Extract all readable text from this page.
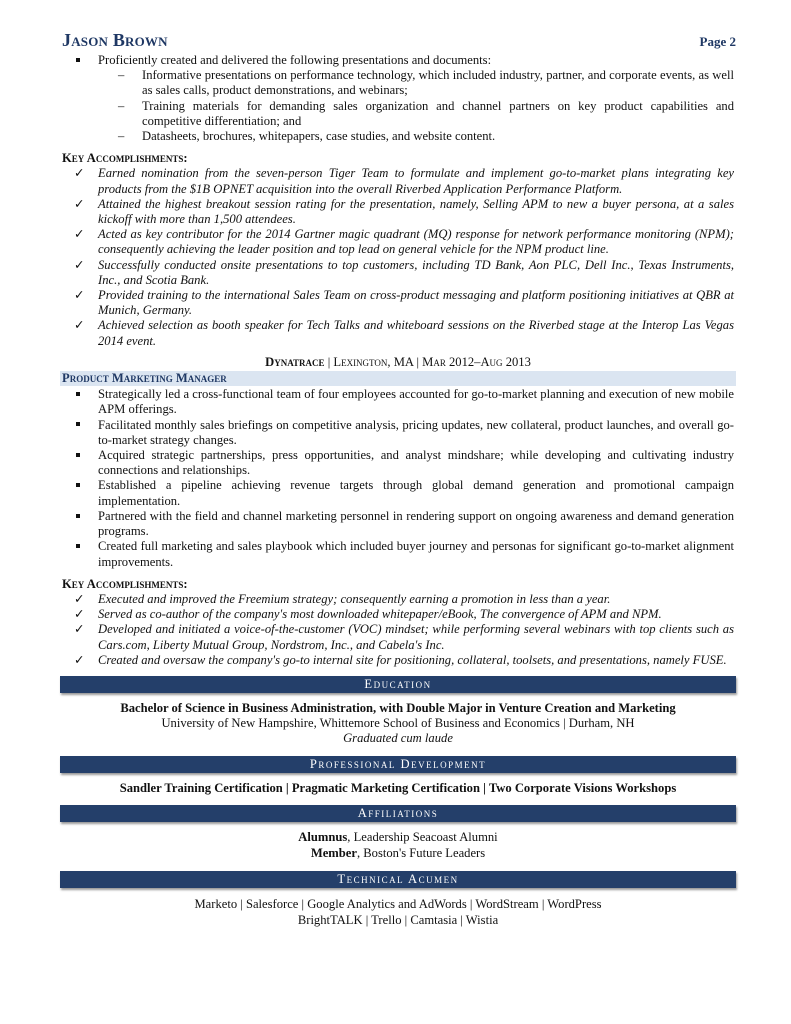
Jason Brown	Page 2
Proficiently created and delivered the following presentations and documents:
– Informative presentations on performance technology, which included industry, partner, and corporate events, as well as sales calls, product demonstrations, and webinars;
– Training materials for demanding sales organization and channel partners on key product capabilities and competitive differentiation; and
– Datasheets, brochures, whitepapers, case studies, and website content.
Key Accomplishments:
✓ Earned nomination from the seven-person Tiger Team to formulate and implement go-to-market plans integrating key products from the $1B OPNET acquisition into the overall Riverbed Application Performance Platform.
✓ Attained the highest breakout session rating for the presentation, namely, Selling APM to new a buyer persona, at a sales kickoff with more than 1,500 attendees.
✓ Acted as key contributor for the 2014 Gartner magic quadrant (MQ) response for network performance monitoring (NPM); consequently achieving the leader position and top lead on general vehicle for the NPM product line.
✓ Successfully conducted onsite presentations to top customers, including TD Bank, Aon PLC, Dell Inc., Texas Instruments, Inc., and Scotia Bank.
✓ Provided training to the international Sales Team on cross-product messaging and platform positioning initiatives at QBR at Munich, Germany.
✓ Achieved selection as booth speaker for Tech Talks and whiteboard sessions on the Riverbed stage at the Interop Las Vegas 2014 event.
Dynatrace | Lexington, MA | Mar 2012–Aug 2013
Product Marketing Manager
Strategically led a cross-functional team of four employees accounted for go-to-market planning and execution of new mobile APM offerings.
Facilitated monthly sales briefings on competitive analysis, pricing updates, new collateral, product launches, and overall go-to-market strategy changes.
Acquired strategic partnerships, press opportunities, and analyst mindshare; while developing and cultivating industry connections and relationships.
Established a pipeline achieving revenue targets through global demand generation and promotional campaign implementation.
Partnered with the field and channel marketing personnel in rendering support on ongoing awareness and demand generation programs.
Created full marketing and sales playbook which included buyer journey and personas for significant go-to-market alignment improvements.
Key Accomplishments:
✓ Executed and improved the Freemium strategy; consequently earning a promotion in less than a year.
✓ Served as co-author of the company's most downloaded whitepaper/eBook, The convergence of APM and NPM.
✓ Developed and initiated a voice-of-the-customer (VOC) mindset; while performing several webinars with top clients such as Cars.com, Liberty Mutual Group, Nordstrom, Inc., and Cabela's Inc.
✓ Created and oversaw the company's go-to internal site for positioning, collateral, toolsets, and presentations, namely FUSE.
Education
Bachelor of Science in Business Administration, with Double Major in Venture Creation and Marketing
University of New Hampshire, Whittemore School of Business and Economics | Durham, NH
Graduated cum laude
Professional Development
Sandler Training Certification | Pragmatic Marketing Certification | Two Corporate Visions Workshops
Affiliations
Alumnus, Leadership Seacoast Alumni
Member, Boston's Future Leaders
Technical Acumen
Marketo | Salesforce | Google Analytics and AdWords | WordStream | WordPress
BrightTALK | Trello | Camtasia | Wistia
